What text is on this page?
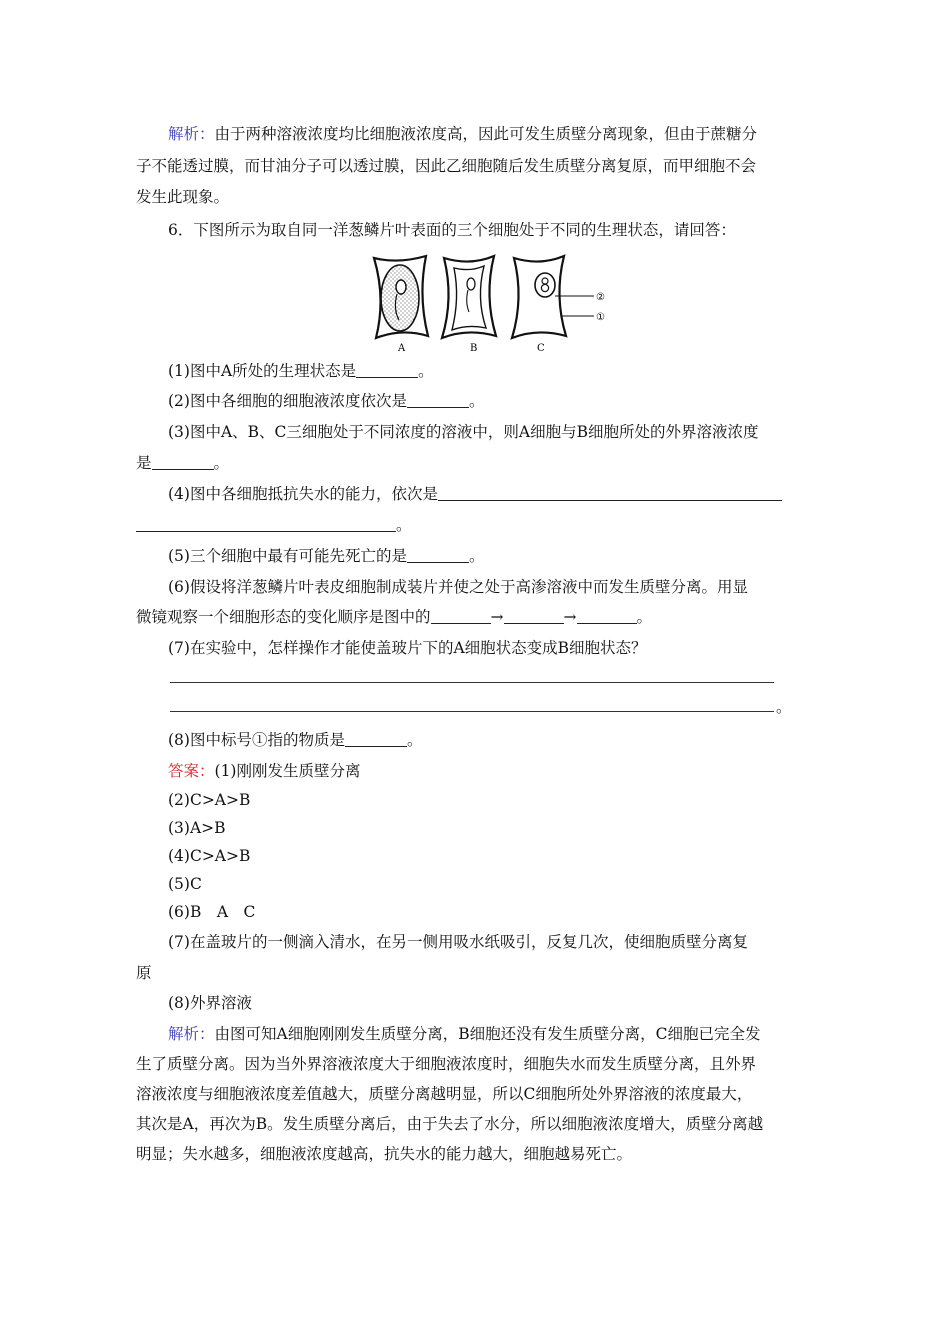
解析：由于两种溶液浓度均比细胞液浓度高，因此可发生质壁分离现象，但由于蔗糖分
子不能透过膜，而甘油分子可以透过膜，因此乙细胞随后发生质壁分离复原，而甲细胞不会
发生此现象。
6．下图所示为取自同一洋葱鳞片叶表面的三个细胞处于不同的生理状态，请回答：
②
①
A	B	C
(1)图中A所处的生理状态是	。
(2)图中各细胞的细胞液浓度依次是	。
(3)图中A、B、C三细胞处于不同浓度的溶液中，则A细胞与B细胞所处的外界溶液浓度
是	。
(4)图中各细胞抵抗失水的能力，依次是
。
(5)三个细胞中最有可能先死亡的是	。
(6)假设将洋葱鳞片叶表皮细胞制成装片并使之处于高渗溶液中而发生质壁分离。用显
微镜观察一个细胞形态的变化顺序是图中的	→	→	。
(7)在实验中，怎样操作才能使盖玻片下的A细胞状态变成B细胞状态？
。
(8)图中标号①指的物质是	。
答案：(1)刚刚发生质壁分离
(2)C>A>B
(3)A>B
(4)C>A>B
(5)C
(6)B　A　C
(7)在盖玻片的一侧滴入清水，在另一侧用吸水纸吸引，反复几次，使细胞质壁分离复
原
(8)外界溶液
解析：由图可知A细胞刚刚发生质壁分离，B细胞还没有发生质壁分离，C细胞已完全发
生了质壁分离。因为当外界溶液浓度大于细胞液浓度时，细胞失水而发生质壁分离，且外界
溶液浓度与细胞液浓度差值越大，质壁分离越明显，所以C细胞所处外界溶液的浓度最大，
其次是A，再次为B。发生质壁分离后，由于失去了水分，所以细胞液浓度增大，质壁分离越
明显；失水越多，细胞液浓度越高，抗失水的能力越大，细胞越易死亡。
